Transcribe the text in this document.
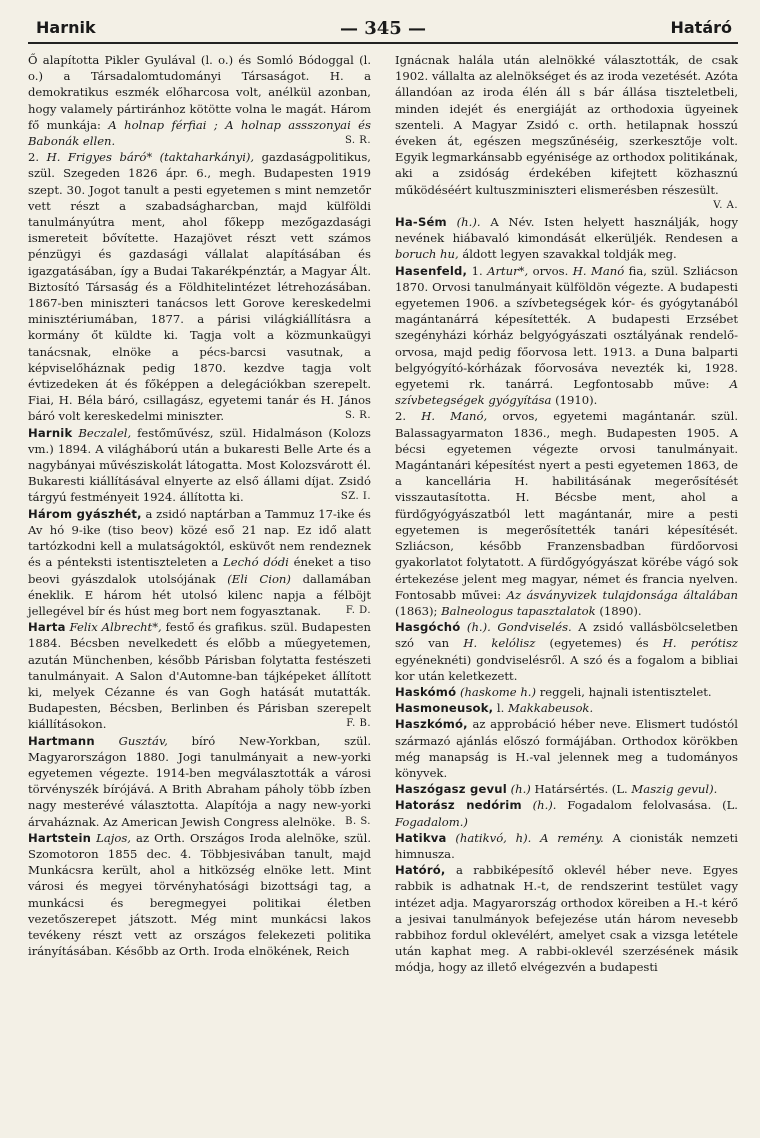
Harnik	— 345 —	Határó

Ő alapította Pikler Gyulával (l. o.) és Somló Bódoggal (l. o.) a Társadalomtudományi Társaságot. H. a demokratikus eszmék előharcosa volt, anélkül azonban, hogy valamely pártiránhoz kötötte volna le magát. Három fő munkája: A holnap férfiai ; A holnap assszonyai és Babonák ellen.	S. R.

2. H. Frigyes báró* (taktaharkányi), gazdaságpolitikus, szül. Szegeden 1826 ápr. 6., megh. Budapesten 1919 szept. 30. Jogot tanult a pesti egyetemen s mint nemzetőr vett részt a szabadságharcban, majd külföldi tanulmányútra ment, ahol főkepp mezőgazdasági ismereteit bővítette. Hazajövet részt vett számos pénzügyi és gazdasági vállalat alapításában és igazgatásában, így a Budai Takarékpénztár, a Magyar Ált. Biztosító Társaság és a Földhitelintézet létrehozásában. 1867-ben miniszteri tanácsos lett Gorove kereskedelmi minisztériumában, 1877. a párisi világkiállításra a kormány őt küldte ki. Tagja volt a közmunkaügyi tanácsnak, elnöke a pécs-barcsi vasutnak, a képviselőháznak pedig 1870. kezdve tagja volt évtizedeken át és főképpen a delegációkban szerepelt. Fiai, H. Béla báró, csillagász, egyetemi tanár és H. János báró volt kereskedelmi miniszter.	S. R.

Harnik Beczalel, festőművész, szül. Hidalmáson (Kolozs vm.) 1894. A világháború után a bukaresti Belle Arte és a nagybányai művésziskolát látogatta. Most Kolozsvárott él. Bukaresti kiállításával elnyerte az első állami díjat. Zsidó tárgyú festményeit 1924. állította ki.	SZ. I.

Három gyászhét, a zsidó naptárban a Tammuz 17-ike és Av hó 9-ike (tiso beov) közé eső 21 nap. Ez idő alatt tartózkodni kell a mulatságoktól, esküvőt nem rendeznek és a pénteksti istentiszteleten a Lechó dódi éneket a tiso beovi gyászdalok utolsójának (Eli Cion) dallamában éneklik. E három hét utolsó kilenc napja a félböjt jellegével bír és húst meg bort nem fogyasztanak. F. D.

Harta Felix Albrecht*, festő és grafikus. szül. Budapesten 1884. Bécsben nevelkedett és előbb a műegyetemen, azután Münchenben, később Párisban folytatta festészeti tanulmányait. A Salon d'Automne-ban tájképeket állított ki, melyek Cézanne és van Gogh hatását mutatták. Budapesten, Bécsben, Berlinben és Párisban szerepelt kiállításokon.	F. B.

Hartmann Gusztáv, bíró New-Yorkban, szül. Magyarországon 1880. Jogi tanulmányait a new-yorki egyetemen végezte. 1914-ben megválasztották a városi törvényszék bírójává. A Brith Abraham páholy több ízben nagy mesterévé választotta. Alapítója a nagy new-yorki árvaháznak. Az American Jewish Congress alelnöke. B. S.

Hartstein Lajos, az Orth. Országos Iroda alelnöke, szül. Szomotoron 1855 dec. 4. Többjesivában tanult, majd Munkácsra került, ahol a hitközség elnöke lett. Mint városi és megyei törvényhatósági bizottsági tag, a munkácsi és beregmegyei politikai életben vezetőszerepet játszott. Még mint munkácsi lakos tevékeny részt vett az országos felekezeti politika irányításában. Később az Orth. Iroda elnökének, Reich

Ignácnak halála után alelnökké választották, de csak 1902. vállalta az alelnökséget és az iroda vezetését. Azóta állandóan az iroda élén áll s bár állása tiszteletbeli, minden idejét és energiáját az orthodoxia ügyeinek szenteli. A Magyar Zsidó c. orth. hetilapnak hosszú éveken át, egészen megszűnéséig, szerkesztője volt. Egyik legmarkánsabb egyénisége az orthodox politikának, aki a zsidóság érdekében kifejtett közhasznú működéséért kultuszminiszteri elismerésben részesült.
V. A.

Ha-Sém (h.). A Név. Isten helyett használják, hogy nevének hiábavaló kimondását elkerüljék. Rendesen a boruch hu, áldott legyen szavakkal toldják meg.

Hasenfeld, 1. Artur*, orvos. H. Manó fia, szül. Szliácson 1870. Orvosi tanulmányait külföldön végezte. A budapesti egyetemen 1906. a szívbetegségek kór- és gyógytanából magántanárrá képesítették. A budapesti Erzsébet szegényházi kórház belgyógyászati osztályának rendelő-orvosa, majd pedig főorvosa lett. 1913. a Duna balparti belgyógyító-kórházak főorvosáva nevezték ki, 1928. egyetemi rk. tanárrá. Legfontosabb műve: A szívbetegségek gyógyítása (1910).

2. H. Manó, orvos, egyetemi magántanár. szül. Balassagyarmaton 1836., megh. Budapesten 1905. A bécsi egyetemen végezte orvosi tanulmányait. Magántanári képesítést nyert a pesti egyetemen 1863, de a kancellária H. habilitásának megerősítését visszautasította. H. Bécsbe ment, ahol a fürdőgyógyászatból lett magántanár, mire a pesti egyetemen is megerősítették tanári képesítését. Szliácson, később Franzensbadban fürdőorvosi gyakorlatot folytatott. A fürdőgyógyászat körébe vágó sok értekezése jelent meg magyar, német és francia nyelven. Fontosabb művei: Az ásványvizek tulajdonsága általában (1863); Balneologus tapasztalatok (1890).

Hasgóchó (h.). Gondviselés. A zsidó vallásbölcseletben szó van H. kelólisz (egyetemes) és H. perótisz egyéneknéti) gondviselésről. A szó és a fogalom a bibliai kor után keletkezett.

Haskómó (haskome h.) reggeli, hajnali istentisztelet.

Hasmoneusok, l. Makkabeusok.

Haszkómó, az approbáció héber neve. Elismert tudóstól származó ajánlás előszó formájában. Orthodox körökben még manapság is H.-val jelennek meg a tudományos könyvek.

Haszógasz gevul (h.) Határsértés. (L. Maszig gevul).

Hatorász nedórim (h.). Fogadalom felolvasása. (L. Fogadalom.)

Hatikva (hatikvó, h). A remény. A cionisták nemzeti himnusza.

Hatóró, a rabbiképesítő oklevél héber neve. Egyes rabbik is adhatnak H.-t, de rendszerint testület vagy intézet adja. Magyarország orthodox köreiben a H.-t kérő a jesivai tanulmányok befejezése után három nevesebb rabbihoz fordul oklevélért, amelyet csak a vizsga letétele után kaphat meg. A rabbi-oklevél szerzésének másik módja, hogy az illető elvégezvén a budapesti
